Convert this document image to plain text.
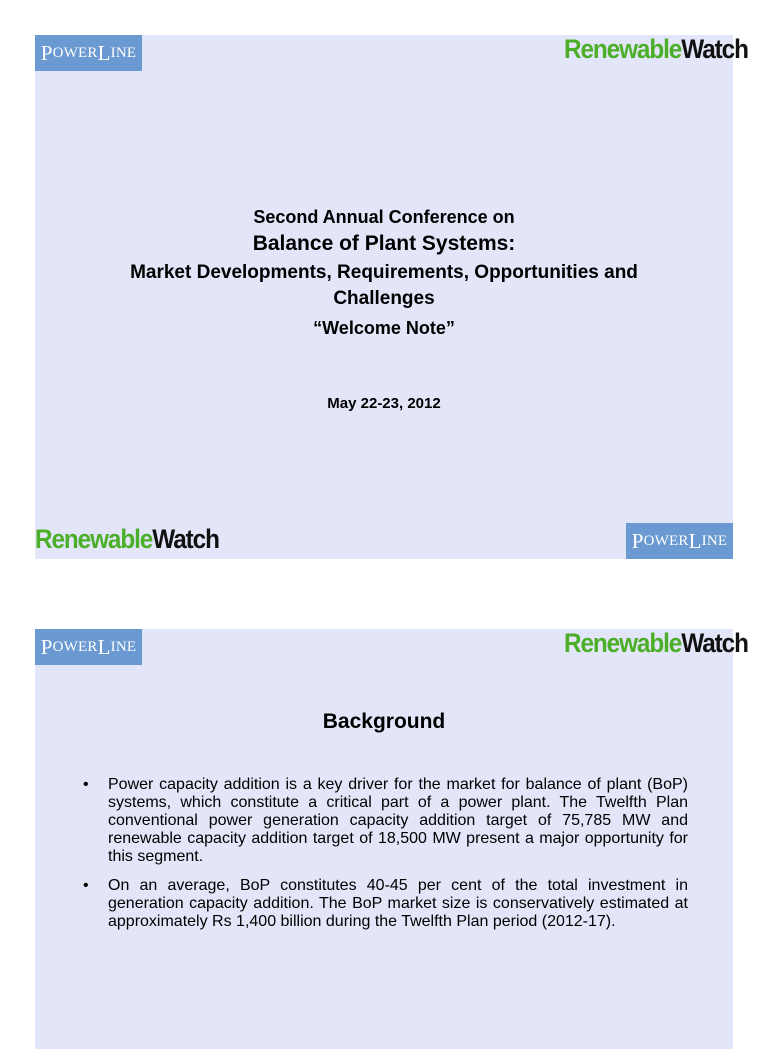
P OWER L INE	RenewableWatch
Second Annual Conference on
Balance of Plant Systems:
Market Developments, Requirements, Opportunities and Challenges
“Welcome Note”
May 22-23, 2012
RenewableWatch	P OWER L INE
P OWER L INE	RenewableWatch
Background
• Power capacity addition is a key driver for the market for balance of plant (BoP) systems, which constitute a critical part of a power plant. The Twelfth Plan conventional power generation capacity addition target of 75,785 MW and renewable capacity addition target of 18,500 MW present a major opportunity for this segment.
• On an average, BoP constitutes 40-45 per cent of the total investment in generation capacity addition. The BoP market size is conservatively estimated at approximately Rs 1,400 billion during the Twelfth Plan period (2012-17).
